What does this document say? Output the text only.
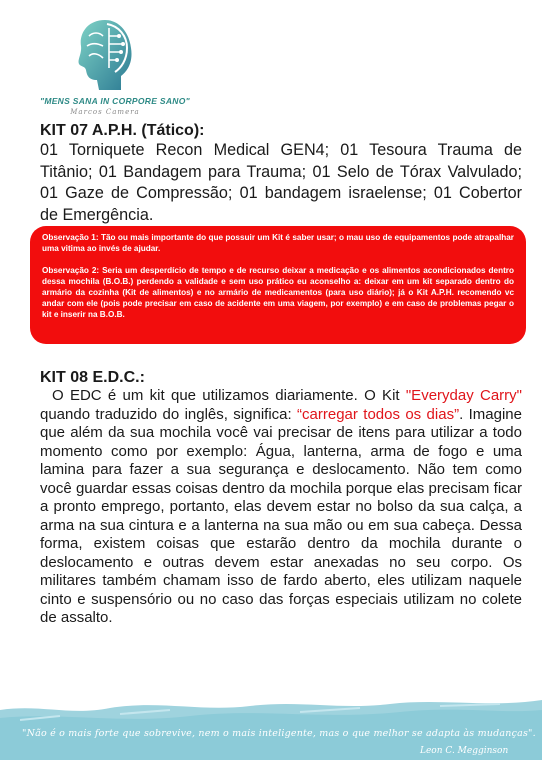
"MENS SANA IN CORPORE SANO"
Marcos Camera

KIT 07 A.P.H. (Tático):

01 Torniquete Recon Medical GEN4; 01 Tesoura Trauma de Titânio; 01 Bandagem para Trauma; 01 Selo de Tórax Valvulado; 01 Gaze de Compressão; 01 bandagem israelense; 01 Cobertor de Emergência.

Observação 1: Tão ou mais importante do que possuir um Kit é saber usar; o mau uso de equipamentos pode atrapalhar uma vitima ao invés de ajudar.

Observação 2: Seria um desperdício de tempo e de recurso deixar a medicação e os alimentos acondicionados dentro dessa mochila (B.O.B.) perdendo a validade e sem uso prático eu aconselho a: deixar em um kit separado dentro do armário da cozinha (Kit de alimentos) e no armário de medicamentos (para uso diário); já o Kit A.P.H. recomendo vc andar com ele (pois pode precisar em caso de acidente em uma viagem, por exemplo) e em caso de problemas pegar o kit e inserir na B.O.B.

KIT 08 E.D.C.:

O EDC é um kit que utilizamos diariamente. O Kit "Everyday Carry" quando traduzido do inglês, significa: “carregar todos os dias”. Imagine que além da sua mochila você vai precisar de itens para utilizar a todo momento como por exemplo: Água, lanterna, arma de fogo e uma lamina para fazer a sua segurança e deslocamento. Não tem como você guardar essas coisas dentro da mochila porque elas precisam ficar a pronto emprego, portanto, elas devem estar no bolso da sua calça, a arma na sua cintura e a lanterna na sua mão ou em sua cabeça. Dessa forma, existem coisas que estarão dentro da mochila durante o deslocamento e outras devem estar anexadas no seu corpo. Os militares também chamam isso de fardo aberto, eles utilizam naquele cinto e suspensório ou no caso das forças especiais utilizam no colete de assalto.

"Não é o mais forte que sobrevive, nem o mais inteligente, mas o que melhor se adapta às mudanças".
Leon C. Megginson
